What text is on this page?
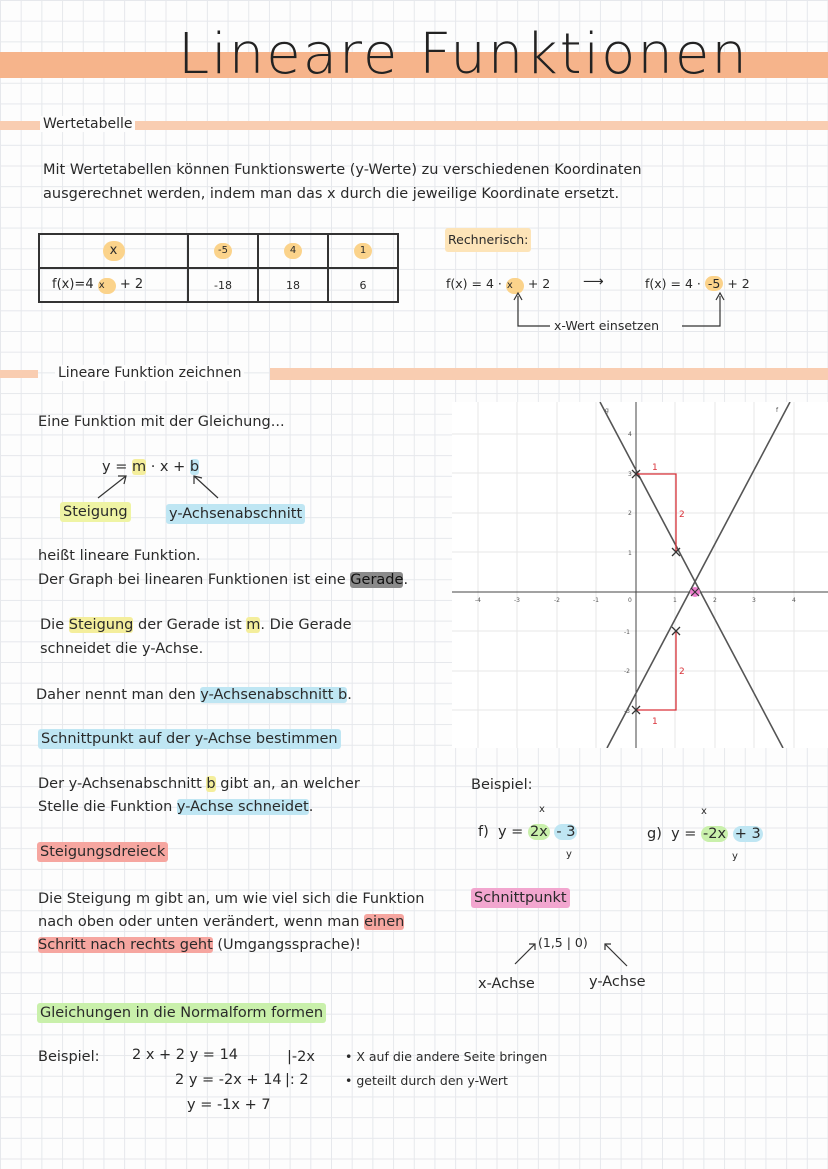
Lineare Funktionen
Wertetabelle
Mit Wertetabellen können Funktionswerte (y-Werte) zu verschiedenen Koordinaten
ausgerechnet werden, indem man das x durch die jeweilige Koordinate ersetzt.
x	-5	4	1
f(x)=4 x + 2	-18	18	6
Rechnerisch:
f(x) = 4 · x + 2 ⟶	f(x) = 4 · -5 + 2
x-Wert einsetzen
Lineare Funktion zeichnen
Eine Funktion mit der Gleichung...
y = m · x + b
Steigung	y-Achsenabschnitt
heißt lineare Funktion.
Der Graph bei linearen Funktionen ist eine Gerade.
Die Steigung der Gerade ist m. Die Gerade
schneidet die y-Achse.
Daher nennt man den y-Achsenabschnitt b.
-4	-3	-2	-1	0	1	2	3	4
4
3
2
1
-1
-2
-3
g	f
1
2
2
1
Schnittpunkt auf der y-Achse bestimmen
Der y-Achsenabschnitt b gibt an, an welcher
Stelle die Funktion y-Achse schneidet.
Beispiel:
f) y = 2x - 3
x
y
g) y = -2x + 3
x
y
Steigungsdreieck
Die Steigung m gibt an, um wie viel sich die Funktion
nach oben oder unten verändert, wenn man einen
Schritt nach rechts geht (Umgangssprache)!
Schnittpunkt
(1,5 | 0)
x-Achse	y-Achse
Gleichungen in die Normalform formen
Beispiel: 2 x + 2 y = 14	|-2x
2 y = -2x + 14 |: 2
y = -1x + 7
• X auf die andere Seite bringen
• geteilt durch den y-Wert
